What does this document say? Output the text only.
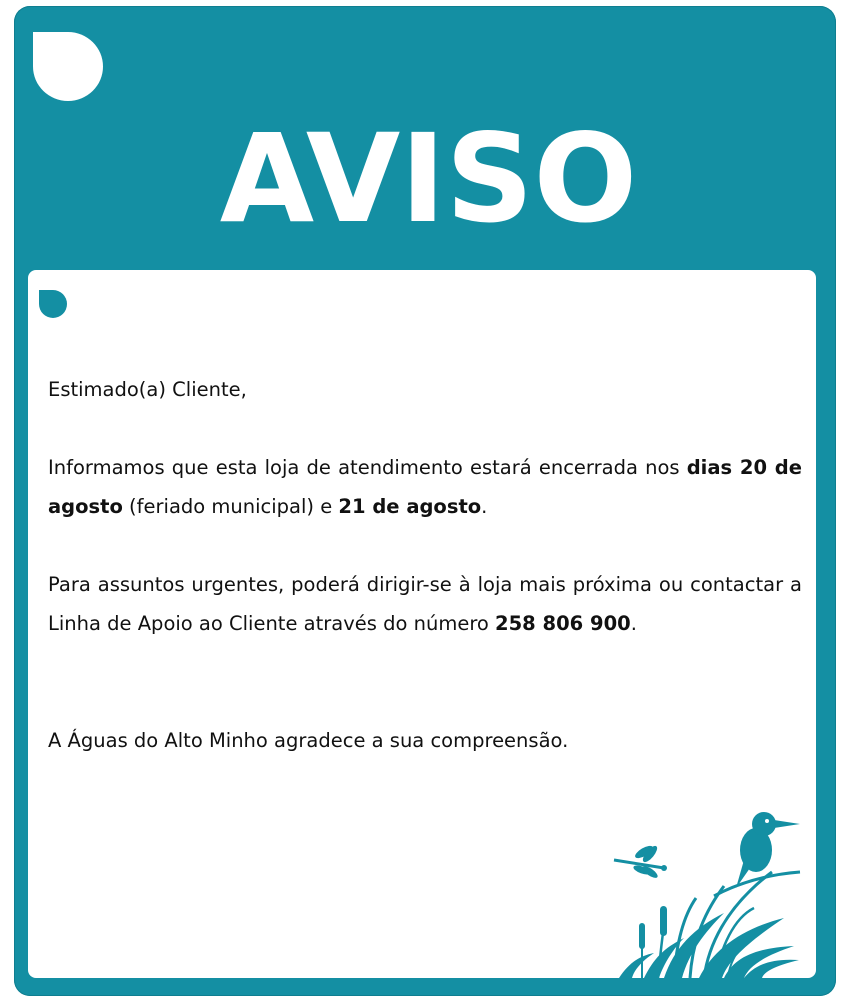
AVISO

Estimado(a) Cliente,

Informamos que esta loja de atendimento estará encerrada nos dias 20 de agosto (feriado municipal) e 21 de agosto.

Para assuntos urgentes, poderá dirigir-se à loja mais próxima ou contactar a Linha de Apoio ao Cliente através do número 258 806 900.

A Águas do Alto Minho agradece a sua compreensão.
